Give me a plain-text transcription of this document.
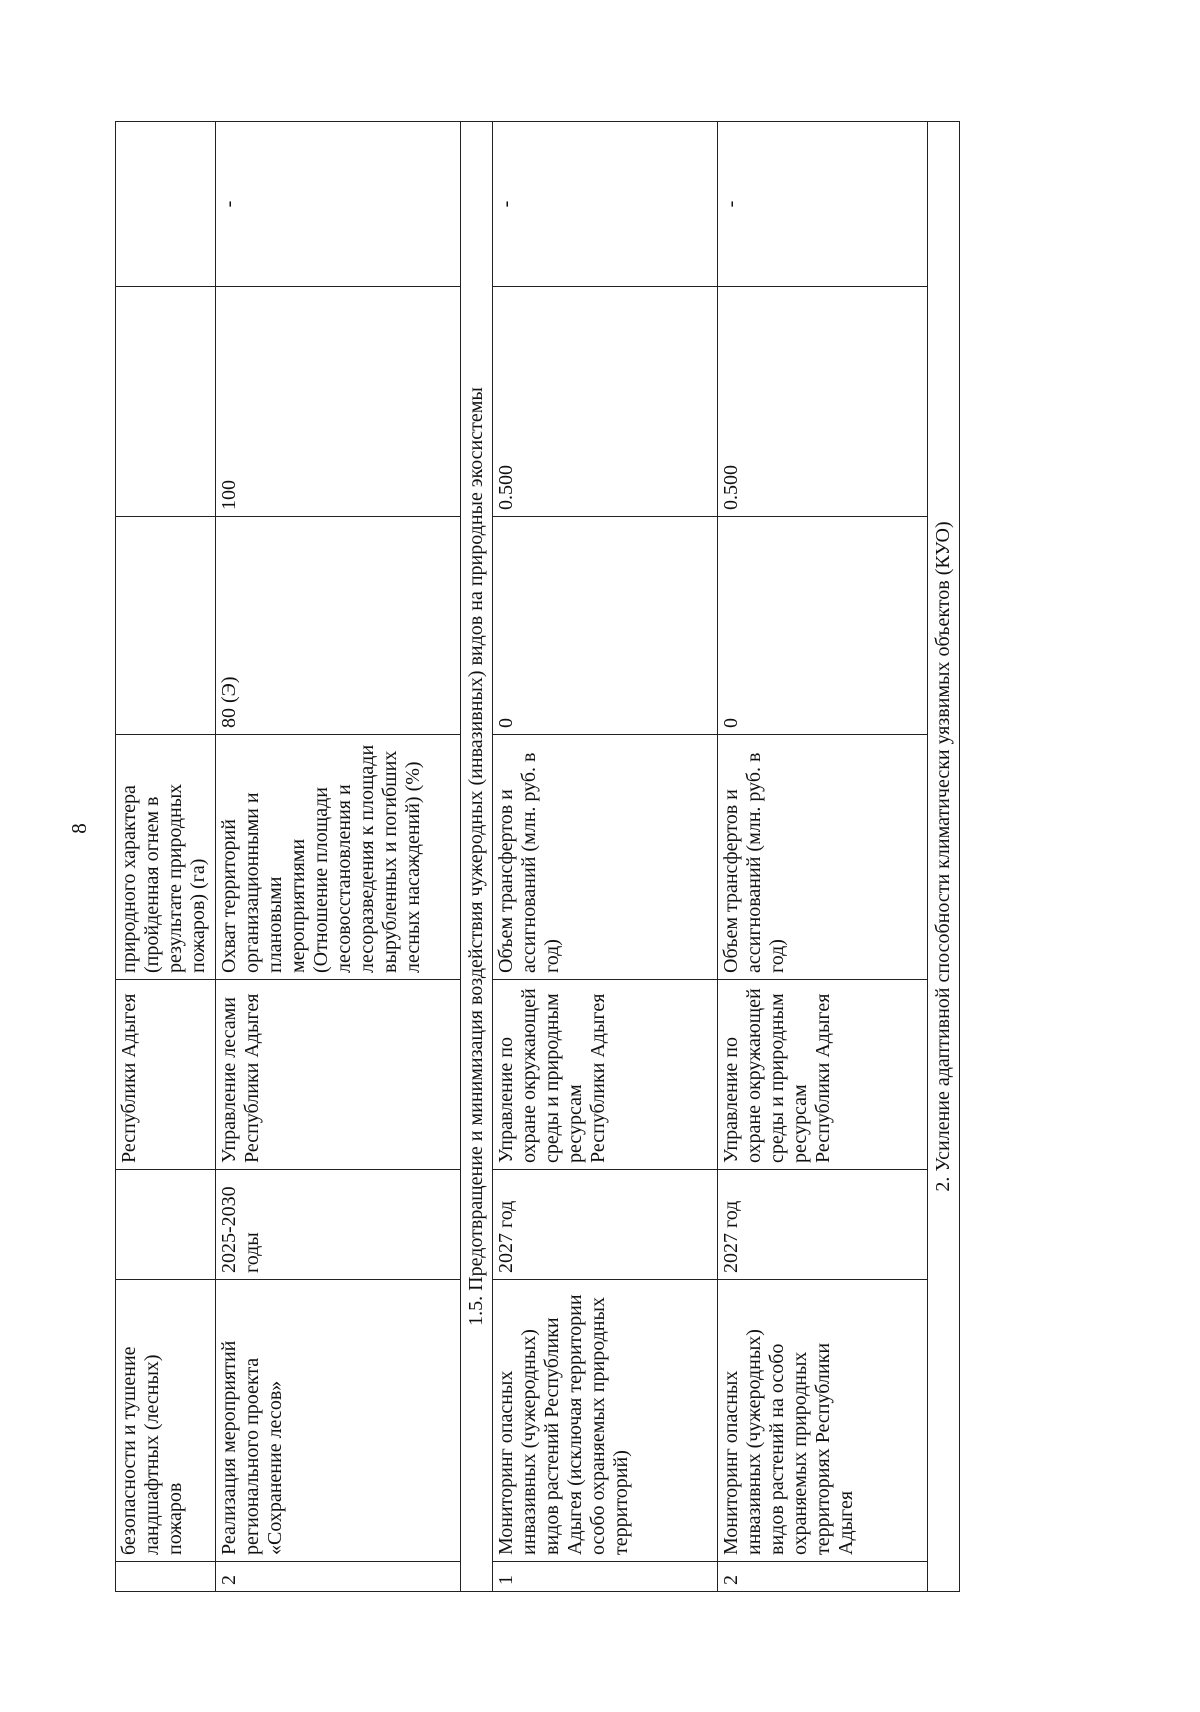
8
	безопасности и тушение ландшафтных (лесных) пожаров		Республики Адыгея	природного характера (пройденная огнем в результате природных пожаров) (га)			
2	Реализация мероприятий регионального проекта «Сохранение лесов»	2025-2030 годы	Управление лесами Республики Адыгея	Охват территорий организационными и плановыми мероприятиями (Отношение площади лесовосстановления и лесоразведения к площади вырубленных и погибших лесных насаждений) (%)	80 (Э)	100	-
1.5. Предотвращение и минимизация воздействия чужеродных (инвазивных) видов на природные экосистемы							
1	Мониторинг опасных инвазивных (чужеродных) видов растений Республики Адыгея (исключая территории особо охраняемых природных территорий)	2027 год	Управление по охране окружающей среды и природным ресурсам Республики Адыгея	Объем трансфертов и ассигнований (млн. руб. в год)	0	0.500	-
2	Мониторинг опасных инвазивных (чужеродных) видов растений на особо охраняемых природных территориях Республики Адыгея	2027 год	Управление по охране окружающей среды и природным ресурсам Республики Адыгея	Объем трансфертов и ассигнований (млн. руб. в год)	0	0.500	-
2. Усиление адаптивной способности климатически уязвимых объектов (КУО)							
